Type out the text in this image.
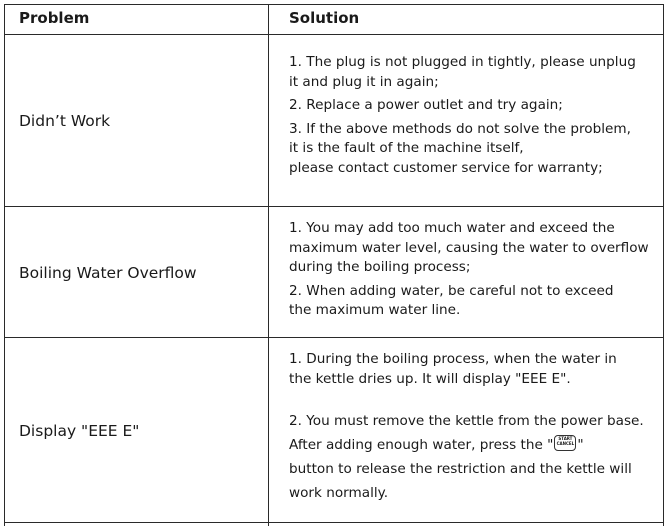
Problem	Solution
Didn’t Work
1. The plug is not plugged in tightly, please unplug
it and plug it in again;
2. Replace a power outlet and try again;
3. If the above methods do not solve the problem,
it is the fault of the machine itself,
please contact customer service for warranty;
Boiling Water Overflow
1. You may add too much water and exceed the
maximum water level, causing the water to overflow
during the boiling process;
2. When adding water, be careful not to exceed
the maximum water line.
Display "EEE E"
1. During the boiling process, when the water in
the kettle dries up. It will display "EEE E".
2. You must remove the kettle from the power base.
After adding enough water, press the "	START
CANCEL "
button to release the restriction and the kettle will
work normally.
